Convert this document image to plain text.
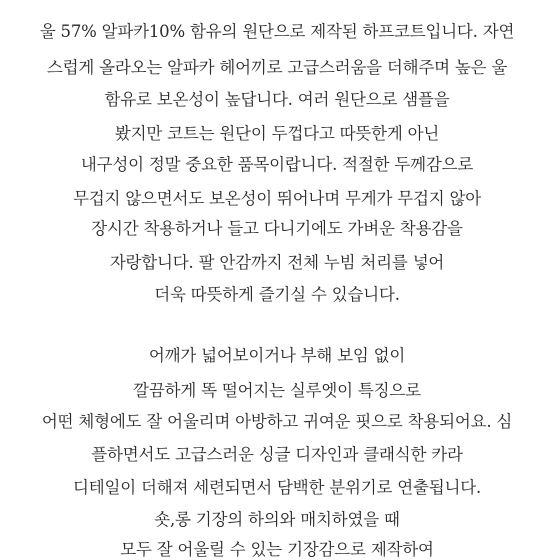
울 57% 알파카10% 함유의 원단으로 제작된 하프코트입니다. 자연
스럽게 올라오는 알파카 헤어끼로 고급스러움을 더해주며 높은 울
함유로 보온성이 높답니다. 여러 원단으로 샘플을
봤지만 코트는 원단이 두껍다고 따뜻한게 아닌
내구성이 정말 중요한 품목이랍니다. 적절한 두께감으로
무겁지 않으면서도 보온성이 뛰어나며 무게가 무겁지 않아
장시간 착용하거나 들고 다니기에도 가벼운 착용감을
자랑합니다. 팔 안감까지 전체 누빔 처리를 넣어
더욱 따뜻하게 즐기실 수 있습니다.
어깨가 넓어보이거나 부해 보임 없이
깔끔하게 똑 떨어지는 실루엣이 특징으로
어떤 체형에도 잘 어울리며 아방하고 귀여운 핏으로 착용되어요. 심
플하면서도 고급스러운 싱글 디자인과 클래식한 카라
디테일이 더해져 세련되면서 담백한 분위기로 연출됩니다.
숏,롱 기장의 하의와 매치하였을 때
모두 잘 어울릴 수 있는 기장감으로 제작하여
